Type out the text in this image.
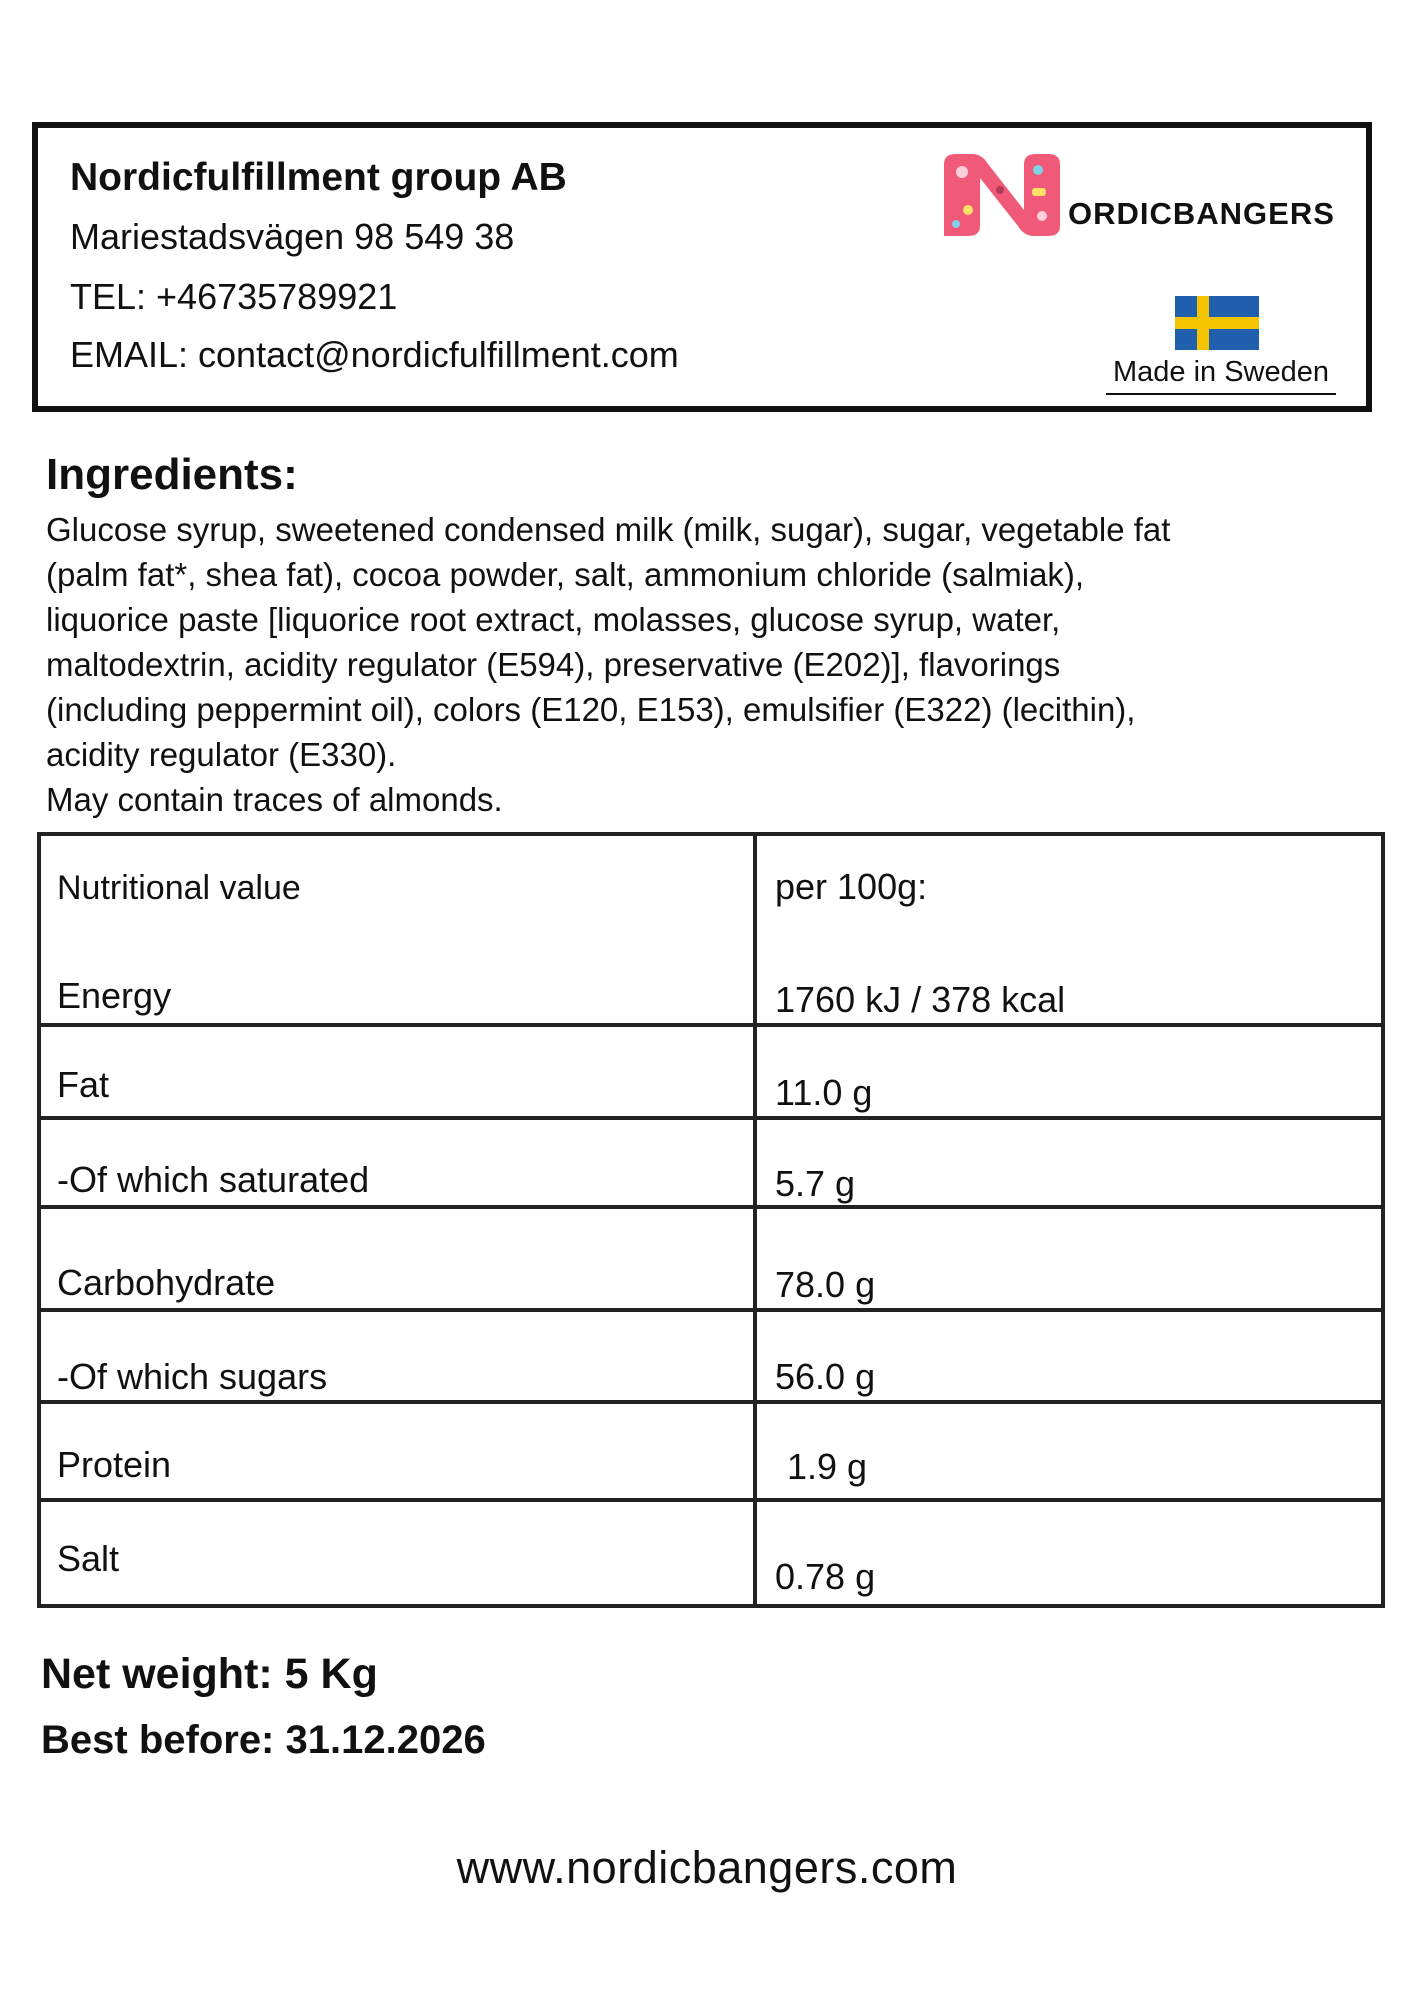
Nordicfulfillment group AB
Mariestadsvägen 98 549 38
TEL: +46735789921
EMAIL: contact@nordicfulfillment.com
ORDICBANGERS
Made in Sweden
Ingredients:
Glucose syrup, sweetened condensed milk (milk, sugar), sugar, vegetable fat
(palm fat*, shea fat), cocoa powder, salt, ammonium chloride (salmiak),
liquorice paste [liquorice root extract, molasses, glucose syrup, water,
maltodextrin, acidity regulator (E594), preservative (E202)], flavorings
(including peppermint oil), colors (E120, E153), emulsifier (E322) (lecithin),
acidity regulator (E330).
May contain traces of almonds.
Nutritional value	per 100g:
Energy	1760 kJ / 378 kcal
Fat	11.0 g
-Of which saturated	5.7 g
Carbohydrate	78.0 g
-Of which sugars	56.0 g
Protein	1.9 g
Salt	0.78 g
Net weight: 5 Kg
Best before: 31.12.2026
www.nordicbangers.com
